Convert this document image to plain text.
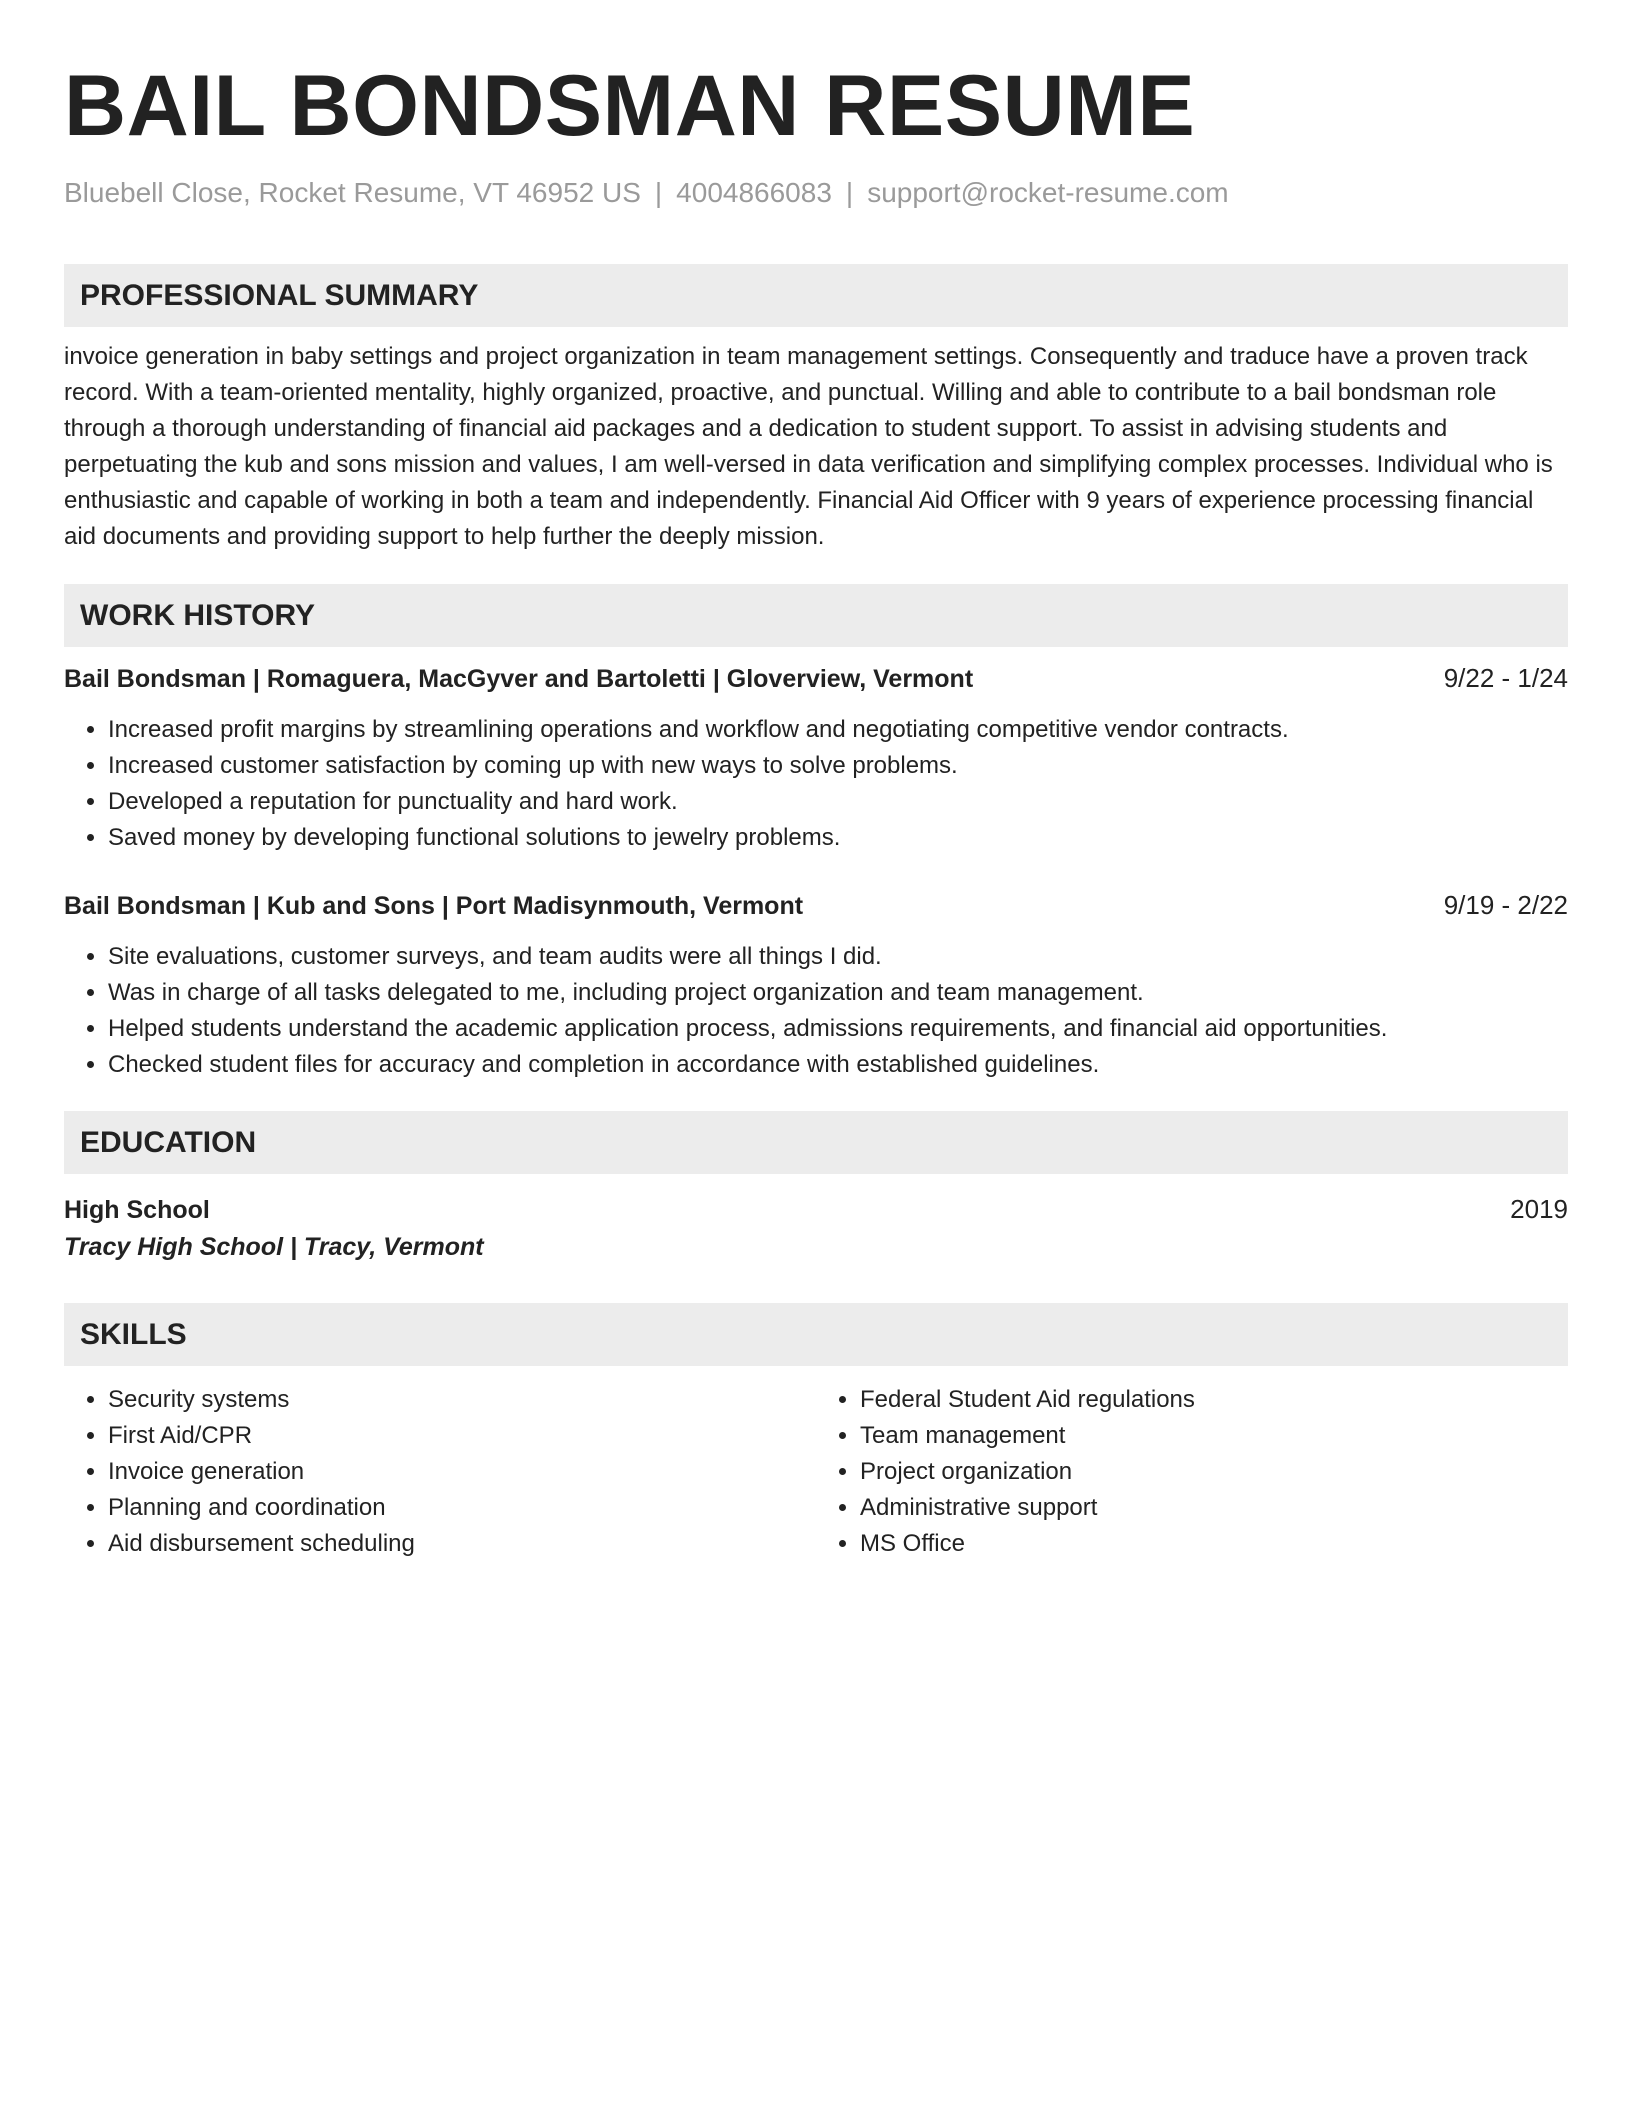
BAIL BONDSMAN RESUME
Bluebell Close, Rocket Resume, VT 46952 US | 4004866083 | support@rocket-resume.com
PROFESSIONAL SUMMARY

invoice generation in baby settings and project organization in team management settings. Consequently and traduce have a proven track record. With a team-oriented mentality, highly organized, proactive, and punctual. Willing and able to contribute to a bail bondsman role through a thorough understanding of financial aid packages and a dedication to student support. To assist in advising students and perpetuating the kub and sons mission and values, I am well-versed in data verification and simplifying complex processes. Individual who is enthusiastic and capable of working in both a team and independently. Financial Aid Officer with 9 years of experience processing financial aid documents and providing support to help further the deeply mission.

WORK HISTORY
Bail Bondsman | Romaguera, MacGyver and Bartoletti | Gloverview, Vermont	9/22 - 1/24
• Increased profit margins by streamlining operations and workflow and negotiating competitive vendor contracts.
• Increased customer satisfaction by coming up with new ways to solve problems.
• Developed a reputation for punctuality and hard work.
• Saved money by developing functional solutions to jewelry problems.
Bail Bondsman | Kub and Sons | Port Madisynmouth, Vermont	9/19 - 2/22
• Site evaluations, customer surveys, and team audits were all things I did.
• Was in charge of all tasks delegated to me, including project organization and team management.
• Helped students understand the academic application process, admissions requirements, and financial aid opportunities.
• Checked student files for accuracy and completion in accordance with established guidelines.
EDUCATION
High School	2019
Tracy High School | Tracy, Vermont
SKILLS
• Security systems
• First Aid/CPR
• Invoice generation
• Planning and coordination
• Aid disbursement scheduling
• Federal Student Aid regulations
• Team management
• Project organization
• Administrative support
• MS Office
